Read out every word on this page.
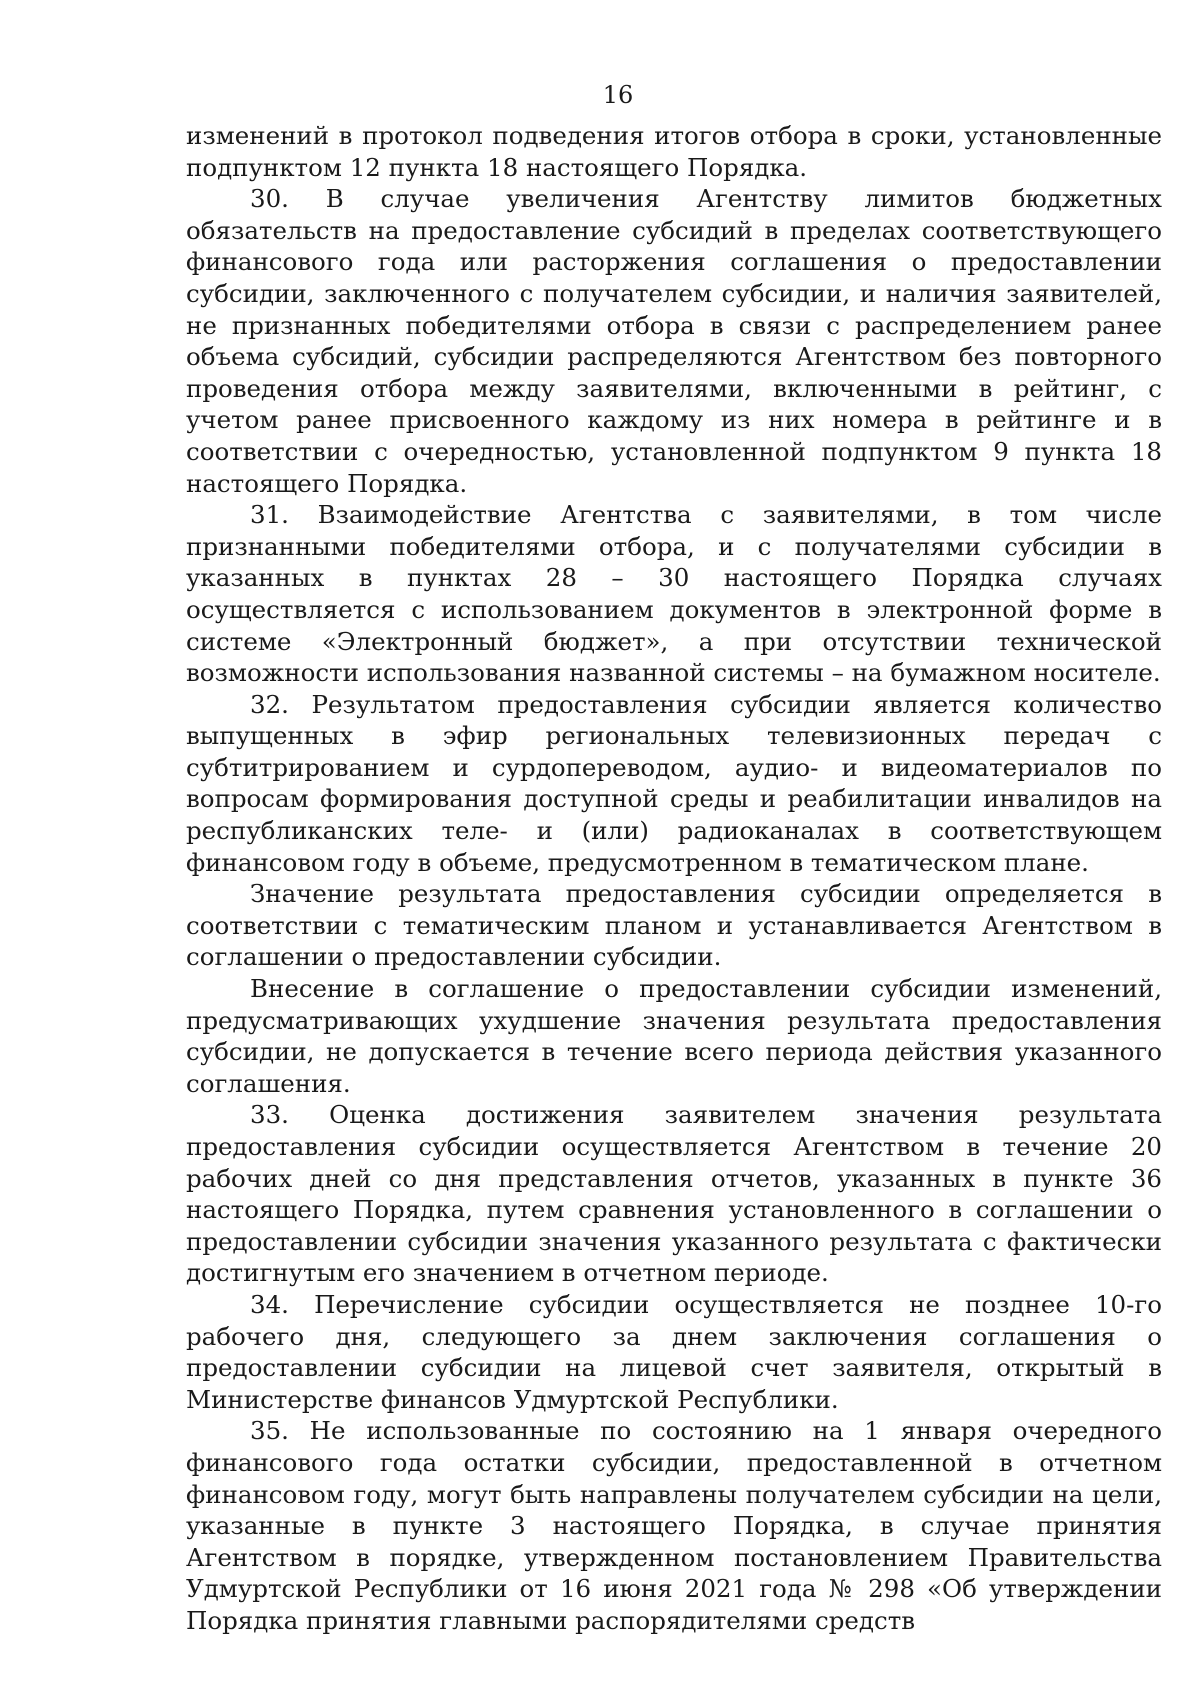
16

изменений в протокол подведения итогов отбора в сроки, установленные подпунктом 12 пункта 18 настоящего Порядка.

30. В случае увеличения Агентству лимитов бюджетных обязательств на предоставление субсидий в пределах соответствующего финансового года или расторжения соглашения о предоставлении субсидии, заключенного с получателем субсидии, и наличия заявителей, не признанных победителями отбора в связи с распределением ранее объема субсидий, субсидии распределяются Агентством без повторного проведения отбора между заявителями, включенными в рейтинг, с учетом ранее присвоенного каждому из них номера в рейтинге и в соответствии с очередностью, установленной подпунктом 9 пункта 18 настоящего Порядка.

31. Взаимодействие Агентства с заявителями, в том числе признанными победителями отбора, и с получателями субсидии в указанных в пунктах 28 – 30 настоящего Порядка случаях осуществляется с использованием документов в электронной форме в системе «Электронный бюджет», а при отсутствии технической возможности использования названной системы – на бумажном носителе.

32. Результатом предоставления субсидии является количество выпущенных в эфир региональных телевизионных передач с субтитрированием и сурдопереводом, аудио- и видеоматериалов по вопросам формирования доступной среды и реабилитации инвалидов на республиканских теле- и (или) радиоканалах в соответствующем финансовом году в объеме, предусмотренном в тематическом плане.

Значение результата предоставления субсидии определяется в соответствии с тематическим планом и устанавливается Агентством в соглашении о предоставлении субсидии.

Внесение в соглашение о предоставлении субсидии изменений, предусматривающих ухудшение значения результата предоставления субсидии, не допускается в течение всего периода действия указанного соглашения.

33. Оценка достижения заявителем значения результата предоставления субсидии осуществляется Агентством в течение 20 рабочих дней со дня представления отчетов, указанных в пункте 36 настоящего Порядка, путем сравнения установленного в соглашении о предоставлении субсидии значения указанного результата с фактически достигнутым его значением в отчетном периоде.

34. Перечисление субсидии осуществляется не позднее 10-го рабочего дня, следующего за днем заключения соглашения о предоставлении субсидии на лицевой счет заявителя, открытый в Министерстве финансов Удмуртской Республики.

35. Не использованные по состоянию на 1 января очередного финансового года остатки субсидии, предоставленной в отчетном финансовом году, могут быть направлены получателем субсидии на цели, указанные в пункте 3 настоящего Порядка, в случае принятия Агентством в порядке, утвержденном постановлением Правительства Удмуртской Республики от 16 июня 2021 года № 298 «Об утверждении Порядка принятия главными распорядителями средств
